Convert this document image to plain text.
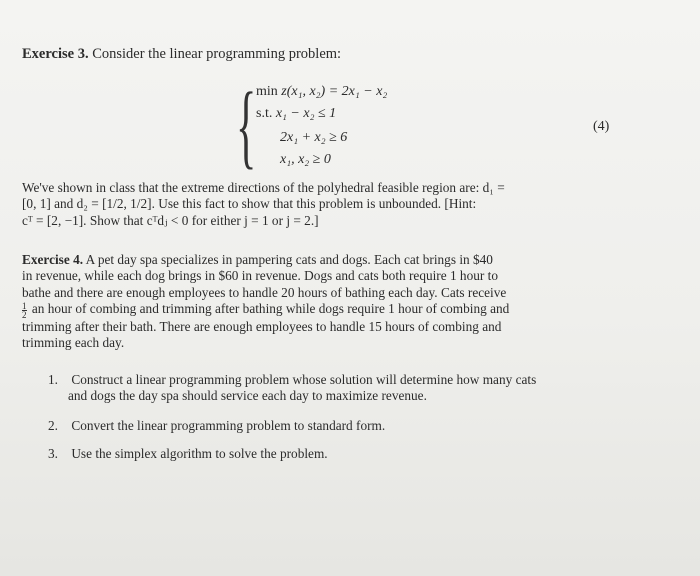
Exercise 3. Consider the linear programming problem:
{ min z(x₁, x₂) = 2x₁ − x₂
s.t. x₁ − x₂ ≤ 1
2x₁ + x₂ ≥ 6
x₁, x₂ ≥ 0
(4)
We've shown in class that the extreme directions of the polyhedral feasible region are: d₁ =
[0, 1] and d₂ = [1/2, 1/2]. Use this fact to show that this problem is unbounded. [Hint:
cᵀ = [2, −1]. Show that cᵀdⱼ < 0 for either j = 1 or j = 2.]
Exercise 4. A pet day spa specializes in pampering cats and dogs. Each cat brings in $40
in revenue, while each dog brings in $60 in revenue. Dogs and cats both require 1 hour to
bathe and there are enough employees to handle 20 hours of bathing each day. Cats receive
$\frac{1}{2}$ an hour of combing and trimming after bathing while dogs require 1 hour of combing and
trimming after their bath. There are enough employees to handle 15 hours of combing and
trimming each day.
1. Construct a linear programming problem whose solution will determine how many cats
and dogs the day spa should service each day to maximize revenue.
2. Convert the linear programming problem to standard form.
3. Use the simplex algorithm to solve the problem.
